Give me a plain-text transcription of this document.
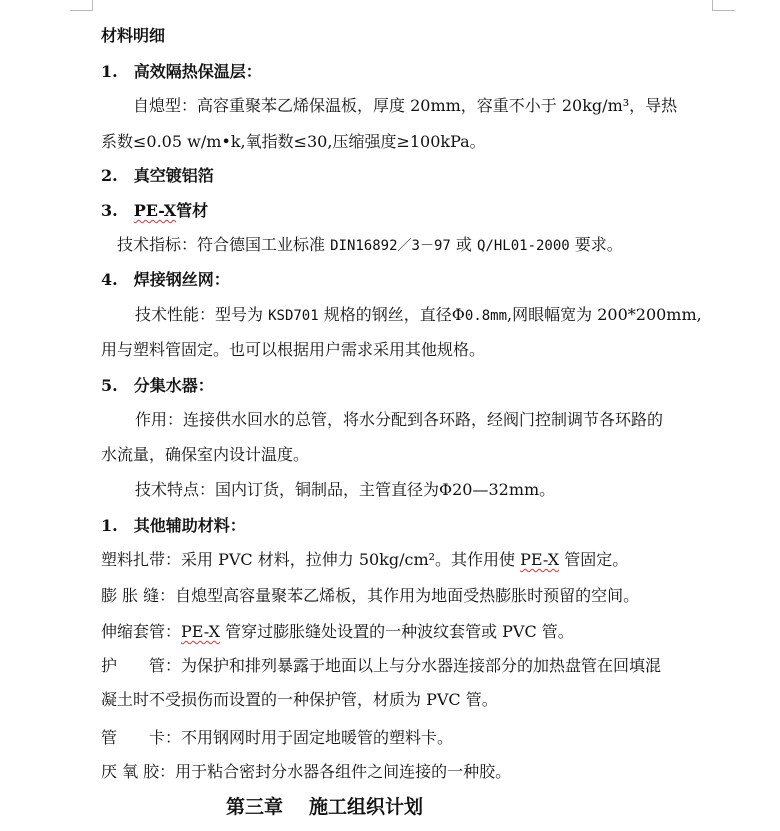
材料明细
1.　高效隔热保温层：
自熄型：高容重聚苯乙烯保温板，厚度 20mm，容重不小于 20kg/m³，导热
系数≤0.05 w/m•k,氧指数≤30,压缩强度≥100kPa。
2.　真空镀铝箔
3.　PE-X管材
技术指标：符合德国工业标准 DIN16892／3－97 或 Q/HL01-2000 要求。
4.　焊接钢丝网：
技术性能：型号为 KSD701 规格的钢丝，直径Φ0.8mm,网眼幅宽为 200*200mm,
用与塑料管固定。也可以根据用户需求采用其他规格。
5.　分集水器：
作用：连接供水回水的总管，将水分配到各环路，经阀门控制调节各环路的
水流量，确保室内设计温度。
技术特点：国内订货，铜制品，主管直径为Φ20—32mm。
1.　其他辅助材料：
塑料扎带：采用 PVC 材料，拉伸力 50kg/cm²。其作用使 PE-X 管固定。
膨 胀 缝：自熄型高容量聚苯乙烯板，其作用为地面受热膨胀时预留的空间。
伸缩套管：PE-X 管穿过膨胀缝处设置的一种波纹套管或 PVC 管。
护　　管：为保护和排列暴露于地面以上与分水器连接部分的加热盘管在回填混
凝土时不受损伤而设置的一种保护管，材质为 PVC 管。
管　　卡：不用钢网时用于固定地暖管的塑料卡。
厌 氧 胶：用于粘合密封分水器各组件之间连接的一种胶。
第三章 施工组织计划
